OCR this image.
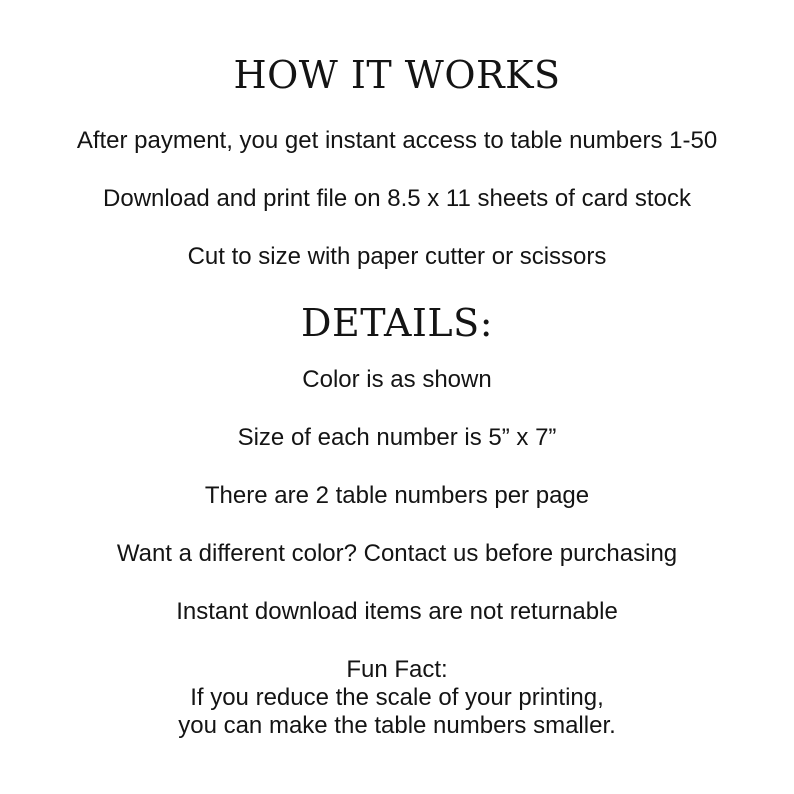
HOW IT WORKS
After payment, you get instant access to table numbers 1-50
Download and print file on 8.5 x 11 sheets of card stock
Cut to size with paper cutter or scissors
DETAILS:
Color is as shown
Size of each number is 5” x 7”
There are 2 table numbers per page
Want a different color? Contact us before purchasing
Instant download items are not returnable
Fun Fact:
If you reduce the scale of your printing,
you can make the table numbers smaller.
